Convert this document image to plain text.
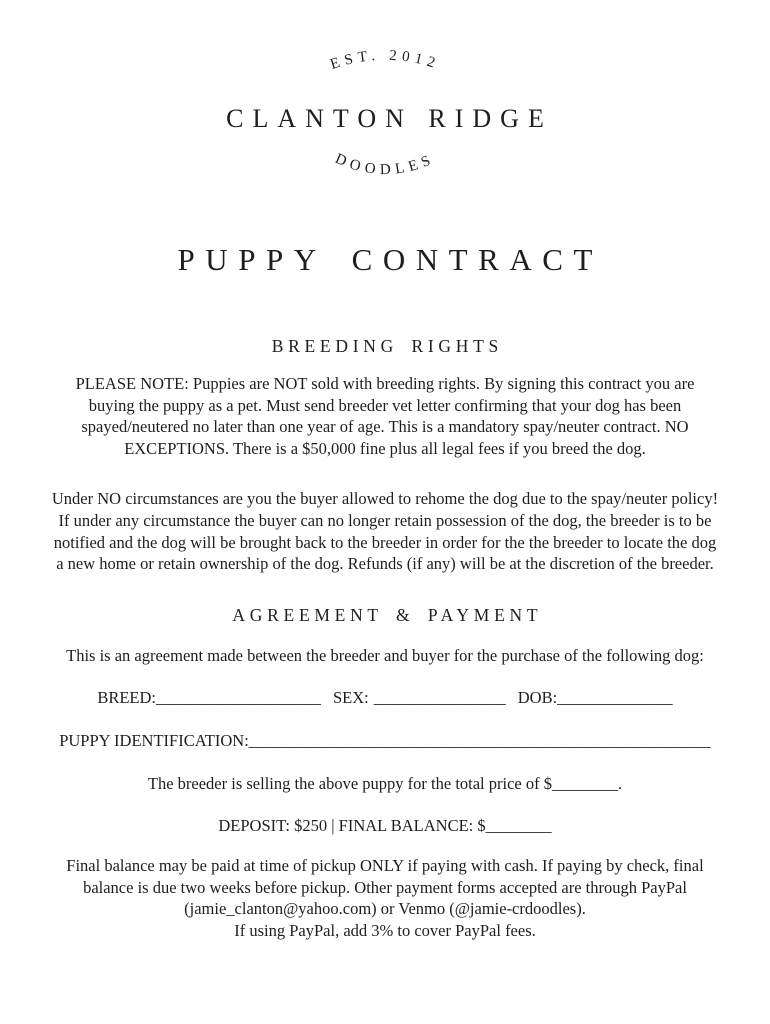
EST. 2012
CLANTON RIDGE
DOODLES
PUPPY CONTRACT
BREEDING RIGHTS

PLEASE NOTE: Puppies are NOT sold with breeding rights. By signing this contract you are buying the puppy as a pet. Must send breeder vet letter confirming that your dog has been spayed/neutered no later than one year of age. This is a mandatory spay/neuter contract. NO EXCEPTIONS. There is a $50,000 fine plus all legal fees if you breed the dog.

Under NO circumstances are you the buyer allowed to rehome the dog due to the spay/neuter policy! If under any circumstance the buyer can no longer retain possession of the dog, the breeder is to be notified and the dog will be brought back to the breeder in order for the the breeder to locate the dog a new home or retain ownership of the dog. Refunds (if any) will be at the discretion of the breeder.

AGREEMENT & PAYMENT

This is an agreement made between the breeder and buyer for the purchase of the following dog:

BREED:____________________ SEX: ________________ DOB:______________

PUPPY IDENTIFICATION:________________________________________________________

The breeder is selling the above puppy for the total price of $________.

DEPOSIT: $250 | FINAL BALANCE: $________

Final balance may be paid at time of pickup ONLY if paying with cash. If paying by check, final balance is due two weeks before pickup. Other payment forms accepted are through PayPal (jamie_clanton@yahoo.com) or Venmo (@jamie-crdoodles).
If using PayPal, add 3% to cover PayPal fees.
